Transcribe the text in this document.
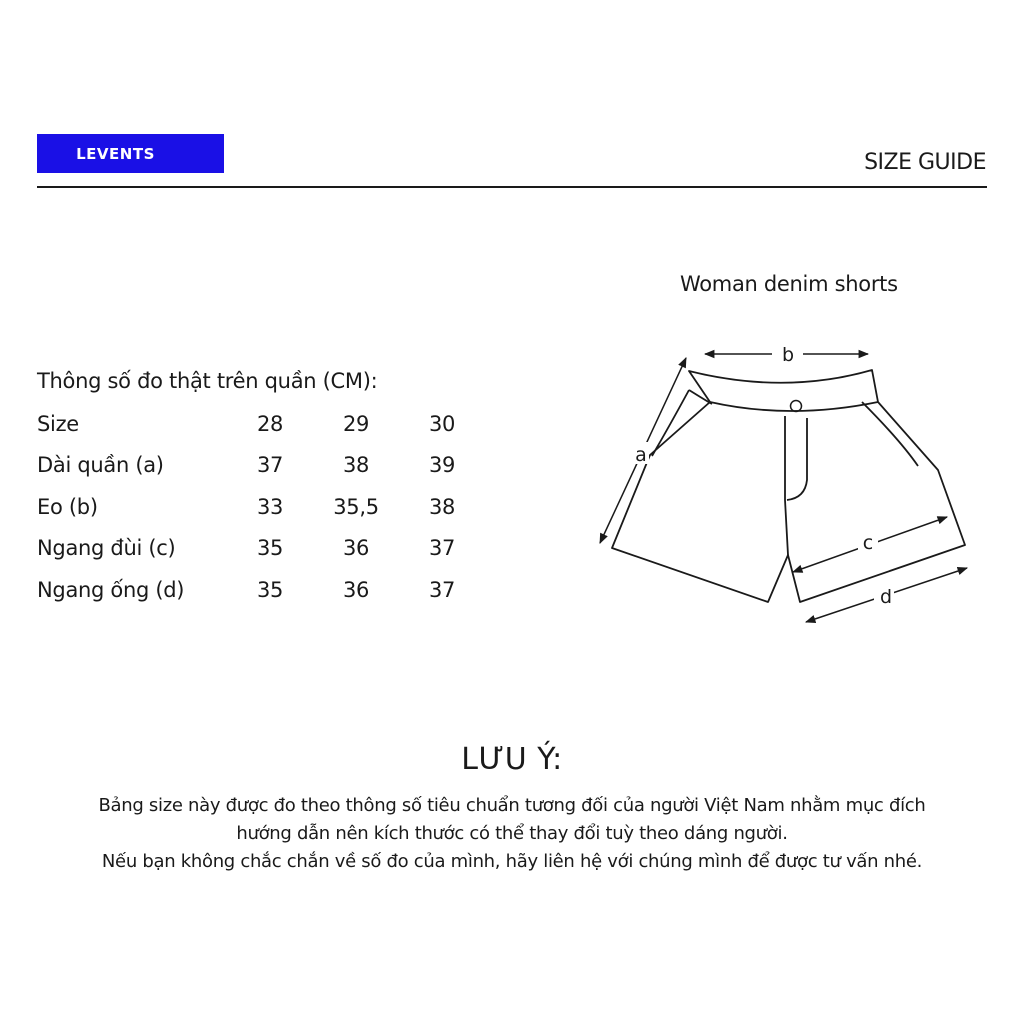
LEVENTS	SIZE GUIDE
Woman denim shorts
Thông số đo thật trên quần (CM):
Size	28	29	30
Dài quần (a)	37	38	39
Eo (b)	33	35,5	38
Ngang đùi (c)	35	36	37
Ngang ống (d)	35	36	37
a
b
c
d
LƯU Ý:
Bảng size này được đo theo thông số tiêu chuẩn tương đối của người Việt Nam nhằm mục đích
hướng dẫn nên kích thước có thể thay đổi tuỳ theo dáng người.
Nếu bạn không chắc chắn về số đo của mình, hãy liên hệ với chúng mình để được tư vấn nhé.
